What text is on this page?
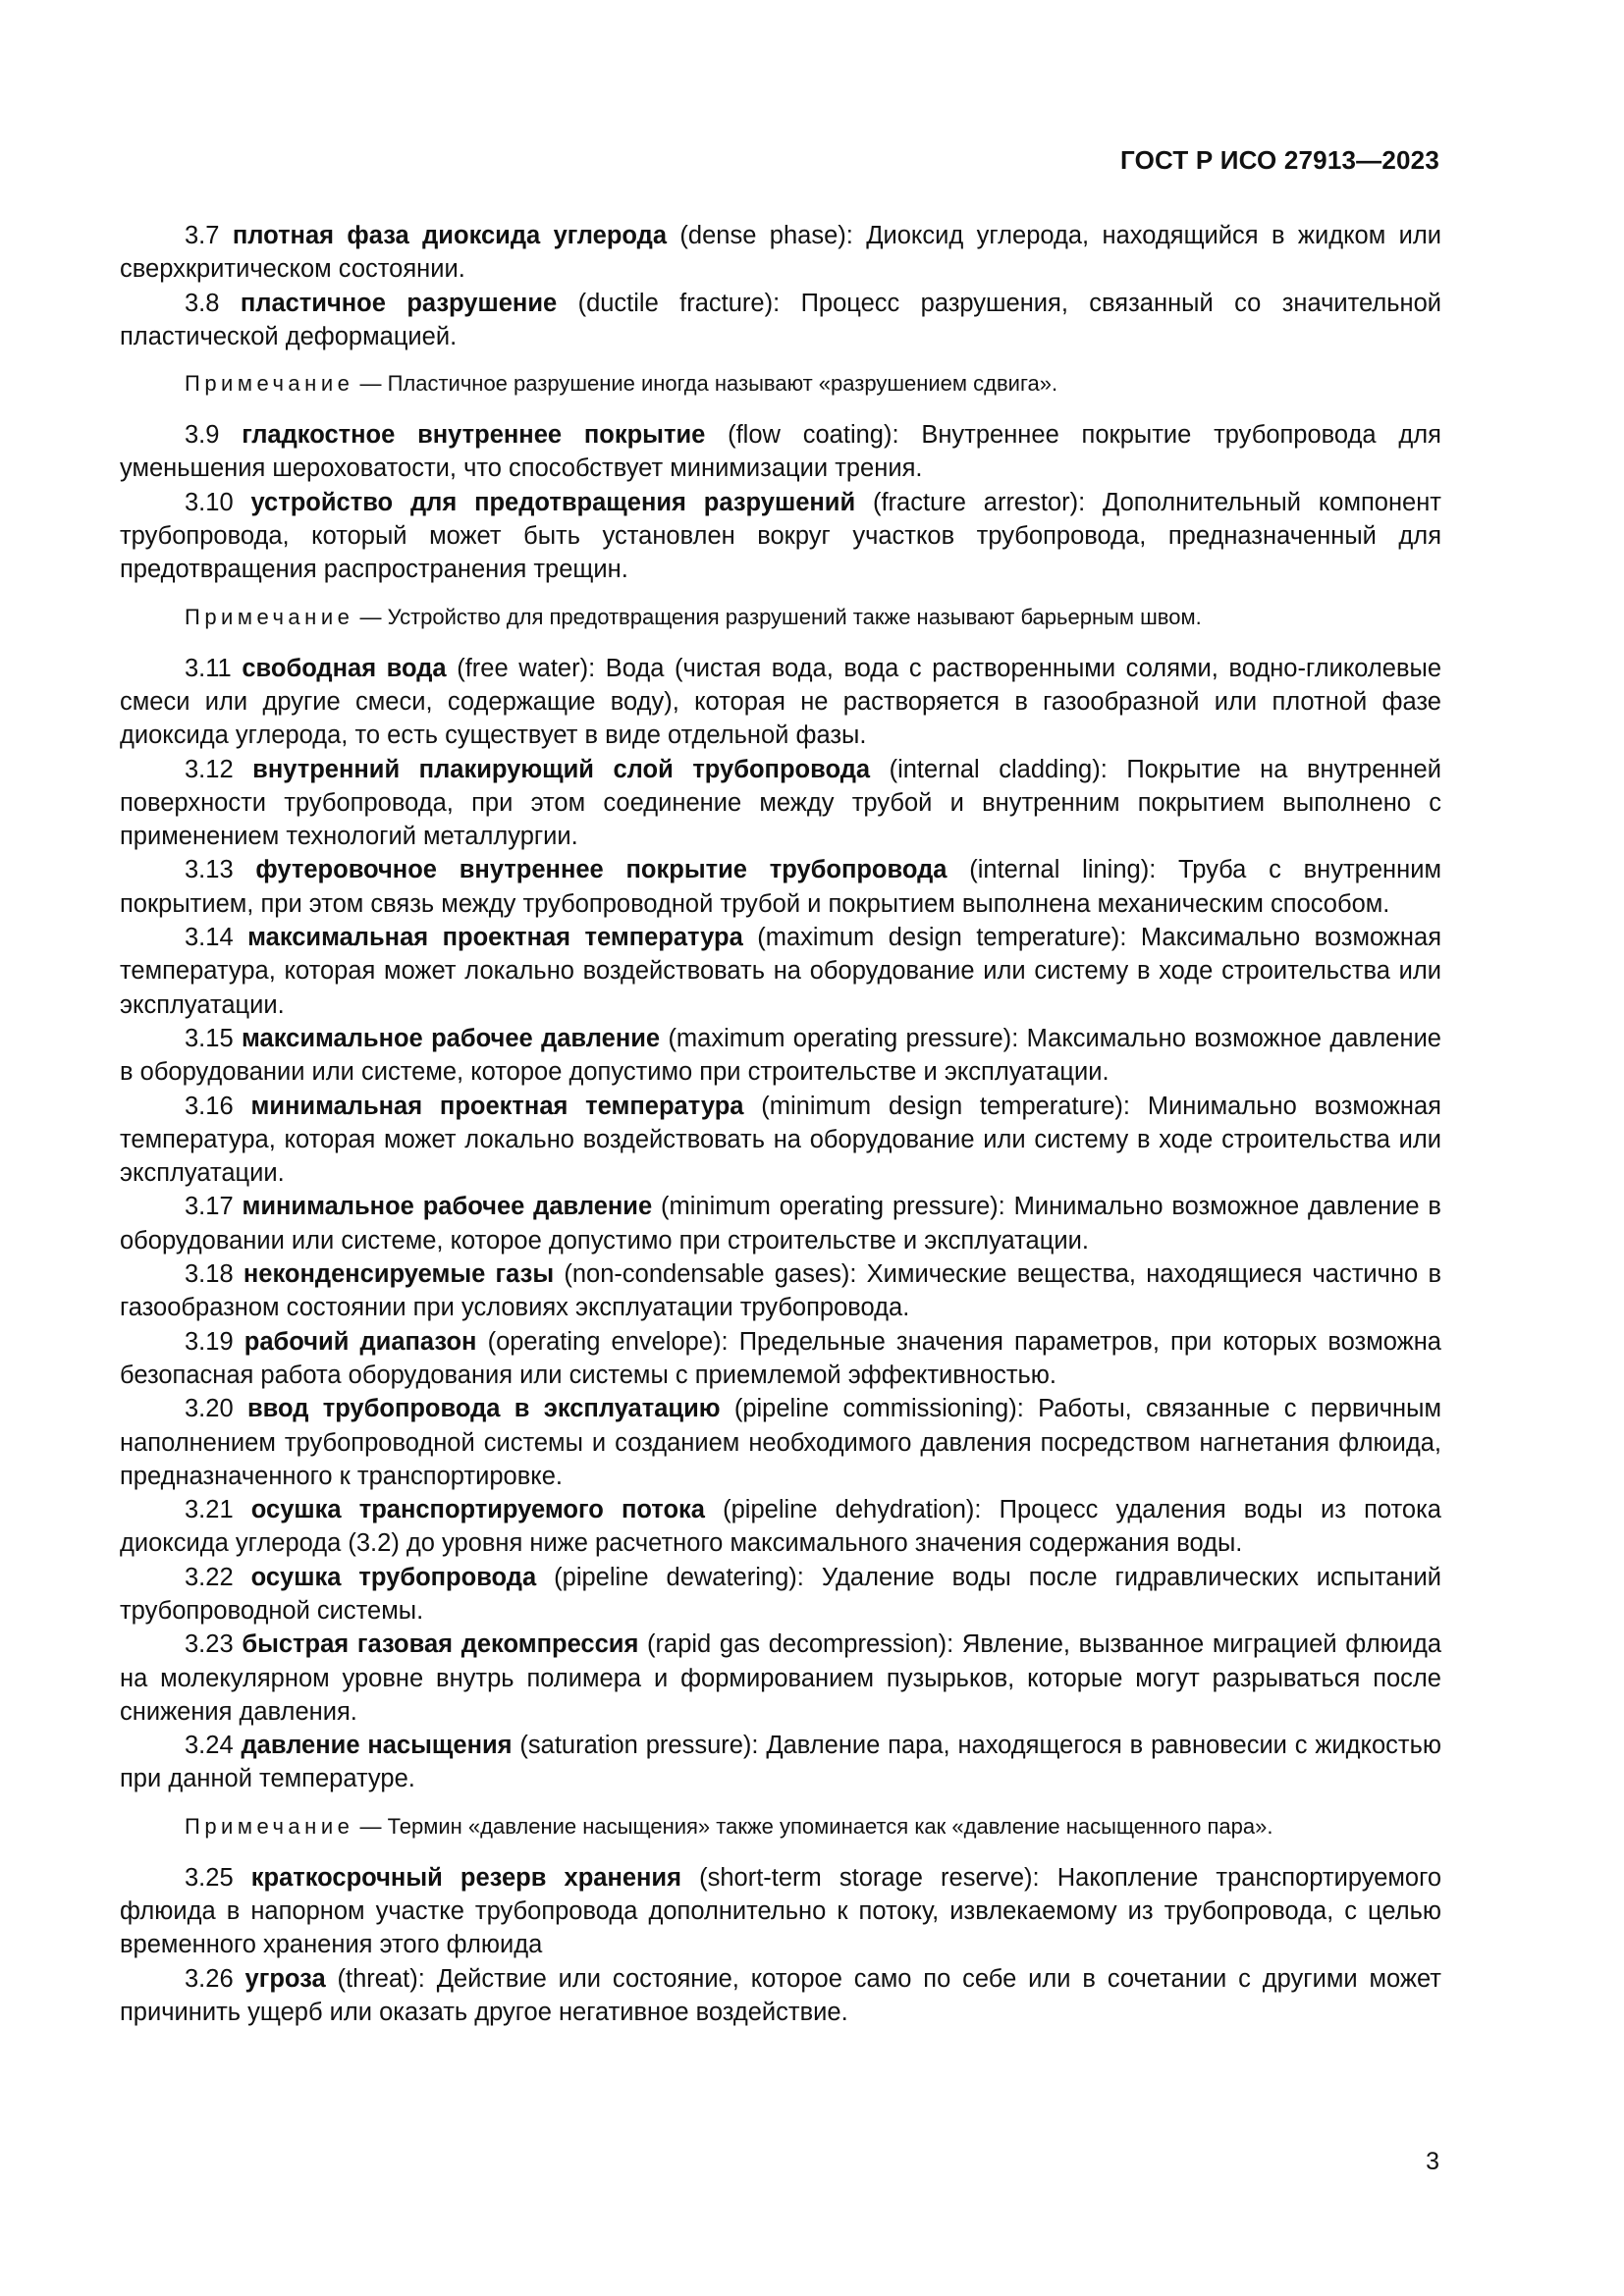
ГОСТ Р ИСО 27913—2023

3.7 плотная фаза диоксида углерода (dense phase): Диоксид углерода, находящийся в жидком или сверхкритическом состоянии.

3.8 пластичное разрушение (ductile fracture): Процесс разрушения, связанный со значительной пластической деформацией.

Примечание — Пластичное разрушение иногда называют «разрушением сдвига».

3.9 гладкостное внутреннее покрытие (flow coating): Внутреннее покрытие трубопровода для уменьшения шероховатости, что способствует минимизации трения.

3.10 устройство для предотвращения разрушений (fracture arrestor): Дополнительный компонент трубопровода, который может быть установлен вокруг участков трубопровода, предназначенный для предотвращения распространения трещин.

Примечание — Устройство для предотвращения разрушений также называют барьерным швом.

3.11 свободная вода (free water): Вода (чистая вода, вода с растворенными солями, водно-гликолевые смеси или другие смеси, содержащие воду), которая не растворяется в газообразной или плотной фазе диоксида углерода, то есть существует в виде отдельной фазы.

3.12 внутренний плакирующий слой трубопровода (internal cladding): Покрытие на внутренней поверхности трубопровода, при этом соединение между трубой и внутренним покрытием выполнено с применением технологий металлургии.

3.13 футеровочное внутреннее покрытие трубопровода (internal lining): Труба с внутренним покрытием, при этом связь между трубопроводной трубой и покрытием выполнена механическим способом.

3.14 максимальная проектная температура (maximum design temperature): Максимально возможная температура, которая может локально воздействовать на оборудование или систему в ходе строительства или эксплуатации.

3.15 максимальное рабочее давление (maximum operating pressure): Максимально возможное давление в оборудовании или системе, которое допустимо при строительстве и эксплуатации.

3.16 минимальная проектная температура (minimum design temperature): Минимально возможная температура, которая может локально воздействовать на оборудование или систему в ходе строительства или эксплуатации.

3.17 минимальное рабочее давление (minimum operating pressure): Минимально возможное давление в оборудовании или системе, которое допустимо при строительстве и эксплуатации.

3.18 неконденсируемые газы (non-condensable gases): Химические вещества, находящиеся частично в газообразном состоянии при условиях эксплуатации трубопровода.

3.19 рабочий диапазон (operating envelope): Предельные значения параметров, при которых возможна безопасная работа оборудования или системы с приемлемой эффективностью.

3.20 ввод трубопровода в эксплуатацию (pipeline commissioning): Работы, связанные с первичным наполнением трубопроводной системы и созданием необходимого давления посредством нагнетания флюида, предназначенного к транспортировке.

3.21 осушка транспортируемого потока (pipeline dehydration): Процесс удаления воды из потока диоксида углерода (3.2) до уровня ниже расчетного максимального значения содержания воды.

3.22 осушка трубопровода (pipeline dewatering): Удаление воды после гидравлических испытаний трубопроводной системы.

3.23 быстрая газовая декомпрессия (rapid gas decompression): Явление, вызванное миграцией флюида на молекулярном уровне внутрь полимера и формированием пузырьков, которые могут разрываться после снижения давления.

3.24 давление насыщения (saturation pressure): Давление пара, находящегося в равновесии с жидкостью при данной температуре.

Примечание — Термин «давление насыщения» также упоминается как «давление насыщенного пара».

3.25 краткосрочный резерв хранения (short-term storage reserve): Накопление транспортируемого флюида в напорном участке трубопровода дополнительно к потоку, извлекаемому из трубопровода, с целью временного хранения этого флюида

3.26 угроза (threat): Действие или состояние, которое само по себе или в сочетании с другими может причинить ущерб или оказать другое негативное воздействие.

3
